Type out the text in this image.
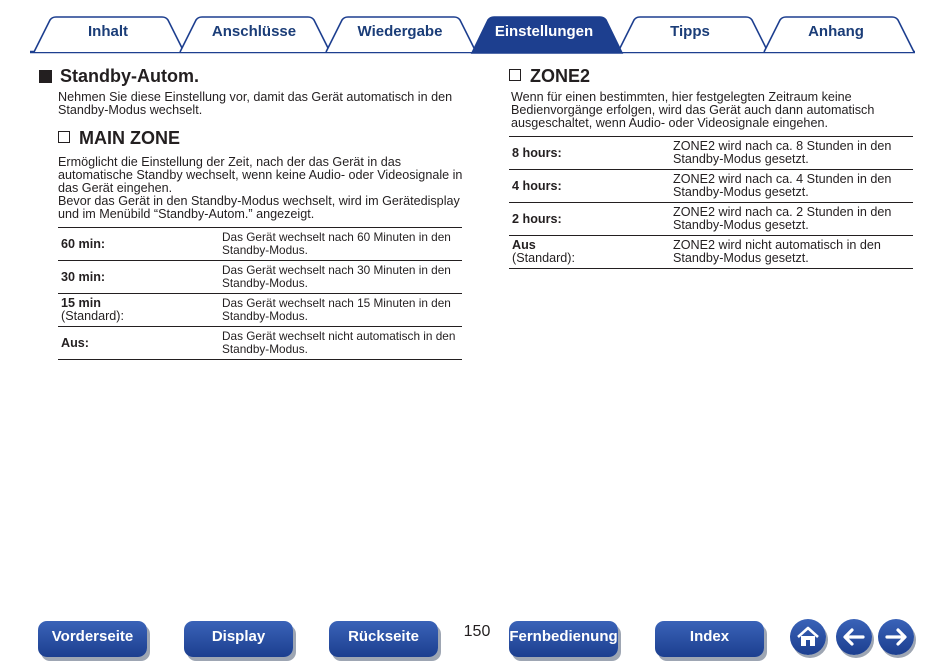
Inhalt	Anschlüsse	Wiedergabe	Einstellungen	Tipps	Anhang
Standby-Autom.

Nehmen Sie diese Einstellung vor, damit das Gerät automatisch in den Standby-Modus wechselt.

MAIN ZONE

Ermöglicht die Einstellung der Zeit, nach der das Gerät in das automatische Standby wechselt, wenn keine Audio- oder Videosignale in das Gerät eingehen.

Bevor das Gerät in den Standby-Modus wechselt, wird im Gerätedisplay und im Menübild “Standby-Autom.” angezeigt.

60 min:	Das Gerät wechselt nach 60 Minuten in den Standby-Modus.

30 min:	Das Gerät wechselt nach 30 Minuten in den Standby-Modus.

15 min
(Standard):	Das Gerät wechselt nach 15 Minuten in den Standby-Modus.

Aus:	Das Gerät wechselt nicht automatisch in den Standby-Modus.
ZONE2

Wenn für einen bestimmten, hier festgelegten Zeitraum keine Bedienvorgänge erfolgen, wird das Gerät auch dann automatisch ausgeschaltet, wenn Audio- oder Videosignale eingehen.

8 hours:	ZONE2 wird nach ca. 8 Stunden in den Standby-Modus gesetzt.

4 hours:	ZONE2 wird nach ca. 4 Stunden in den Standby-Modus gesetzt.

2 hours:	ZONE2 wird nach ca. 2 Stunden in den Standby-Modus gesetzt.

Aus
(Standard):	ZONE2 wird nicht automatisch in den Standby-Modus gesetzt.
Vorderseite	Display	Rückseite	150 Fernbedienung	Index
